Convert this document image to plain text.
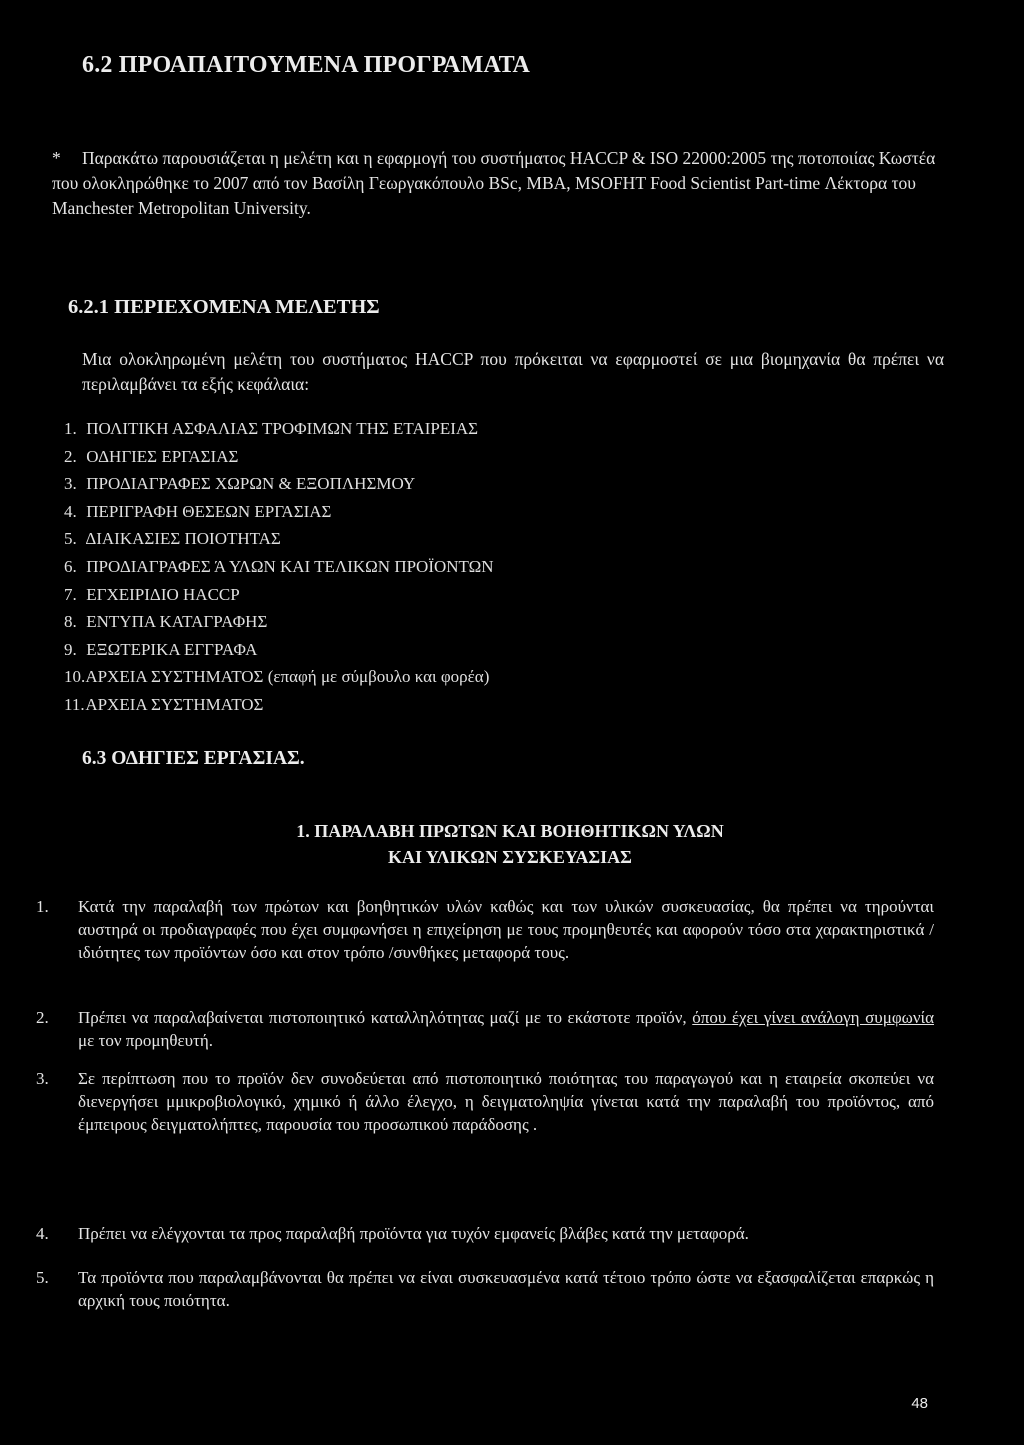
6.2 ΠΡΟΑΠΑΙΤΟΥΜΕΝΑ ΠΡΟΓΡΑΜΑΤΑ
* Παρακάτω παρουσιάζεται η μελέτη και η εφαρμογή του συστήματος HACCP & ISO 22000:2005 της ποτοποιίας Κωστέα που ολοκληρώθηκε το 2007 από τον Βασίλη Γεωργακόπουλο BSc, MBA, MSOFHT Food Scientist Part-time Λέκτορα του Manchester Metropolitan University.
6.2.1 ΠΕΡΙΕΧΟΜΕΝΑ ΜΕΛΕΤΗΣ
Μια ολοκληρωμένη μελέτη του συστήματος HACCP που πρόκειται να εφαρμοστεί σε μια βιομηχανία θα πρέπει να περιλαμβάνει τα εξής κεφάλαια:
1. ΠΟΛΙΤΙΚΗ ΑΣΦΑΛΙΑΣ ΤΡΟΦΙΜΩΝ ΤΗΣ ΕΤΑΙΡΕΙΑΣ
2. ΟΔΗΓΙΕΣ ΕΡΓΑΣΙΑΣ
3. ΠΡΟΔΙΑΓΡΑΦΕΣ ΧΩΡΩΝ & ΕΞΟΠΛΗΣΜΟΥ
4. ΠΕΡΙΓΡΑΦΗ ΘΕΣΕΩΝ ΕΡΓΑΣΙΑΣ
5. ΔΙΑΙΚΑΣΙΕΣ ΠΟΙΟΤΗΤΑΣ
6. ΠΡΟΔΙΑΓΡΑΦΕΣ Ά ΥΛΩΝ ΚΑΙ ΤΕΛΙΚΩΝ ΠΡΟΪΟΝΤΩΝ
7. ΕΓΧΕΙΡΙΔΙΟ HACCP
8. ΕΝΤΥΠΑ ΚΑΤΑΓΡΑΦΗΣ
9. ΕΞΩΤΕΡΙΚΑ ΕΓΓΡΑΦΑ
10. ΑΡΧΕΙΑ ΣΥΣΤΗΜΑΤΟΣ (επαφή με σύμβουλο και φορέα)
11. ΑΡΧΕΙΑ ΣΥΣΤΗΜΑΤΟΣ
6.3 ΟΔΗΓΙΕΣ ΕΡΓΑΣΙΑΣ.
1. ΠΑΡΑΛΑΒΗ ΠΡΩΤΩΝ ΚΑΙ ΒΟΗΘΗΤΙΚΩΝ ΥΛΩΝ
ΚΑΙ ΥΛΙΚΩΝ ΣΥΣΚΕΥΑΣΙΑΣ
1.	Κατά την παραλαβή των πρώτων και βοηθητικών υλών καθώς και των υλικών συσκευασίας, θα πρέπει να τηρούνται αυστηρά οι προδιαγραφές που έχει συμφωνήσει η επιχείρηση με τους προμηθευτές και αφορούν τόσο στα χαρακτηριστικά /ιδιότητες των προϊόντων όσο και στον τρόπο /συνθήκες μεταφορά τους.
2.	Πρέπει να παραλαβαίνεται πιστοποιητικό καταλληλότητας μαζί με το εκάστοτε προϊόν, όπου έχει γίνει ανάλογη συμφωνία με τον προμηθευτή.
3.	Σε περίπτωση που το προϊόν δεν συνοδεύεται από πιστοποιητικό ποιότητας του παραγωγού και η εταιρεία σκοπεύει να διενεργήσει μμικροβιολογικό, χημικό ή άλλο έλεγχο, η δειγματοληψία γίνεται κατά την παραλαβή του προϊόντος, από έμπειρους δειγματολήπτες, παρουσία του προσωπικού παράδοσης .
4.	Πρέπει να ελέγχονται τα προς παραλαβή προϊόντα για τυχόν εμφανείς βλάβες κατά την μεταφορά.
5.	Τα προϊόντα που παραλαμβάνονται θα πρέπει να είναι συσκευασμένα κατά τέτοιο τρόπο ώστε να εξασφαλίζεται επαρκώς η αρχική τους ποιότητα.
48
